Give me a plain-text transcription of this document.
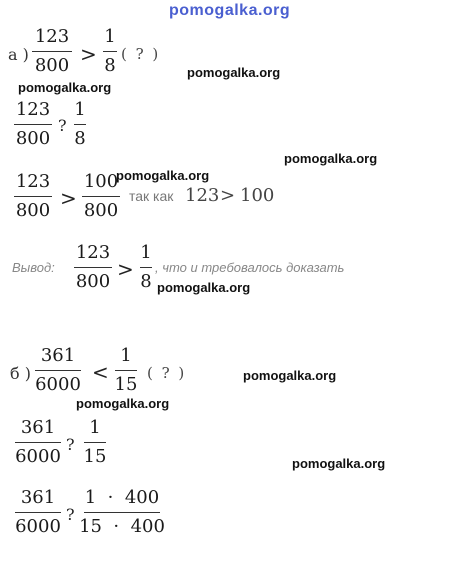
pomogalka.org
а )
123
800 >
1
8
( ? )
pomogalka.org
pomogalka.org
123
800
?
1
8
pomogalka.org
123
800
>
100
800
pomogalka.org
так как 123 > 100
Вывод:
123
800
>
1
8
, что и требовалось доказать
pomogalka.org
б )
361
6000
<
1
15
( ? )	pomogalka.org
pomogalka.org
361
6000
?
1
15	pomogalka.org
361
6000
?
1  ·  400
15  ·  400
